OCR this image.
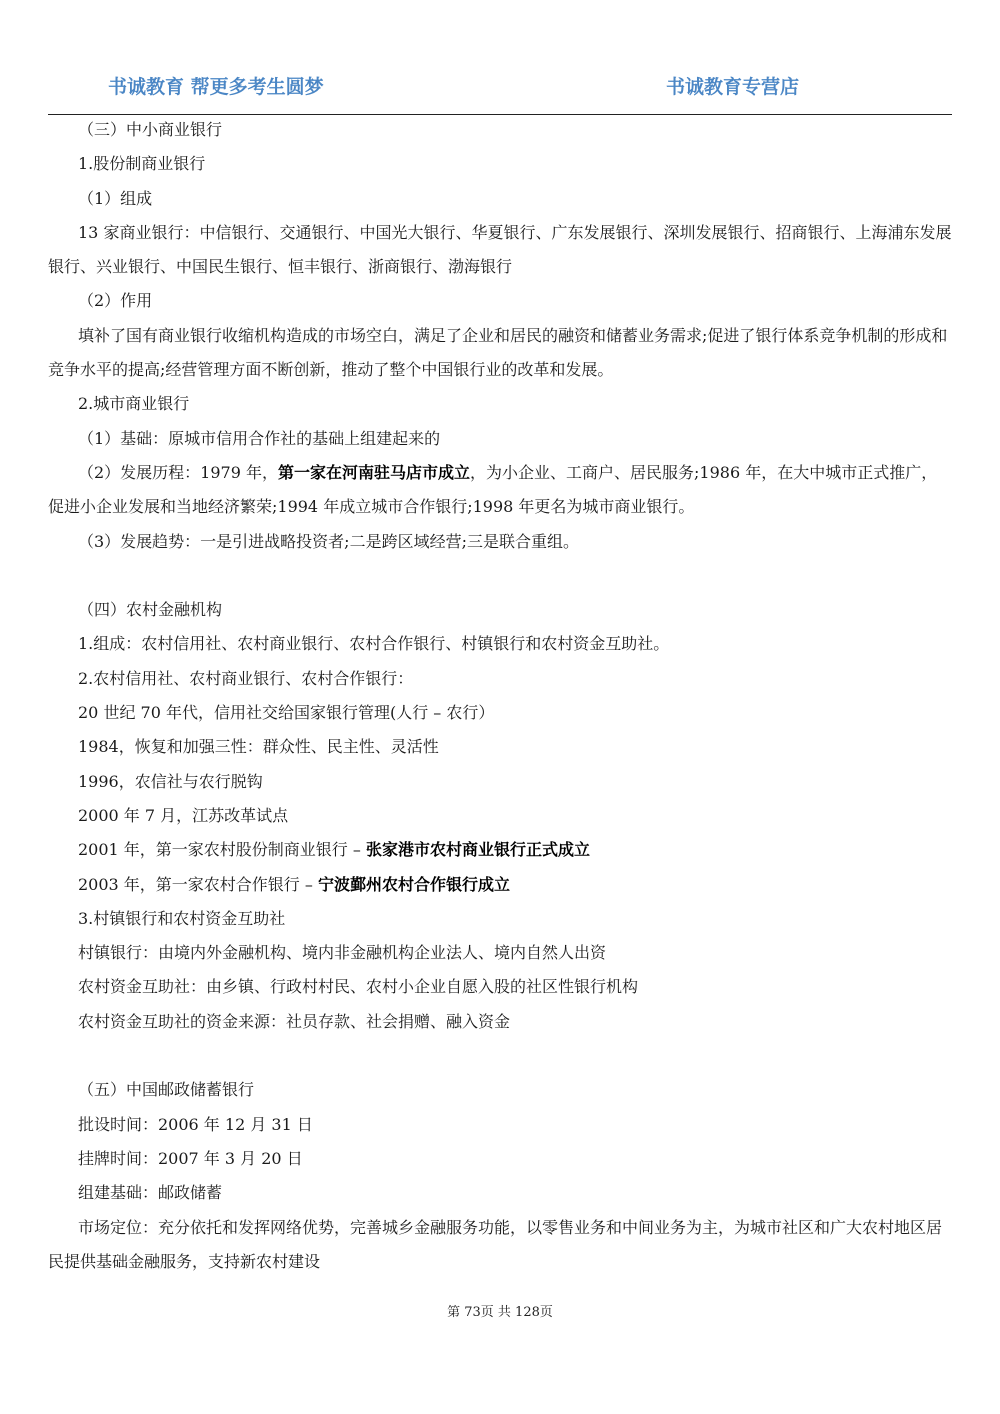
书诚教育 帮更多考生圆梦	书诚教育专营店
（三）中小商业银行
1.股份制商业银行
（1）组成

13 家商业银行：中信银行、交通银行、中国光大银行、华夏银行、广东发展银行、深圳发展银行、招商银行、上海浦东发展银行、兴业银行、中国民生银行、恒丰银行、浙商银行、渤海银行

（2）作用

填补了国有商业银行收缩机构造成的市场空白，满足了企业和居民的融资和储蓄业务需求;促进了银行体系竞争机制的形成和竞争水平的提高;经营管理方面不断创新，推动了整个中国银行业的改革和发展。

2.城市商业银行
（1）基础：原城市信用合作社的基础上组建起来的

（2）发展历程：1979 年，第一家在河南驻马店市成立，为小企业、工商户、居民服务;1986 年，在大中城市正式推广，促进小企业发展和当地经济繁荣;1994 年成立城市合作银行;1998 年更名为城市商业银行。

（3）发展趋势：一是引进战略投资者;二是跨区域经营;三是联合重组。
（四）农村金融机构
1.组成：农村信用社、农村商业银行、农村合作银行、村镇银行和农村资金互助社。
2.农村信用社、农村商业银行、农村合作银行：
20 世纪 70 年代，信用社交给国家银行管理(人行 – 农行）
1984，恢复和加强三性：群众性、民主性、灵活性
1996，农信社与农行脱钩
2000 年 7 月，江苏改革试点
2001 年，第一家农村股份制商业银行 – 张家港市农村商业银行正式成立
2003 年，第一家农村合作银行 – 宁波鄞州农村合作银行成立
3.村镇银行和农村资金互助社
村镇银行：由境内外金融机构、境内非金融机构企业法人、境内自然人出资
农村资金互助社：由乡镇、行政村村民、农村小企业自愿入股的社区性银行机构
农村资金互助社的资金来源：社员存款、社会捐赠、融入资金
（五）中国邮政储蓄银行
批设时间：2006 年 12 月 31 日
挂牌时间：2007 年 3 月 20 日
组建基础：邮政储蓄

市场定位：充分依托和发挥网络优势，完善城乡金融服务功能，以零售业务和中间业务为主，为城市社区和广大农村地区居民提供基础金融服务，支持新农村建设

第 73页 共 128页
